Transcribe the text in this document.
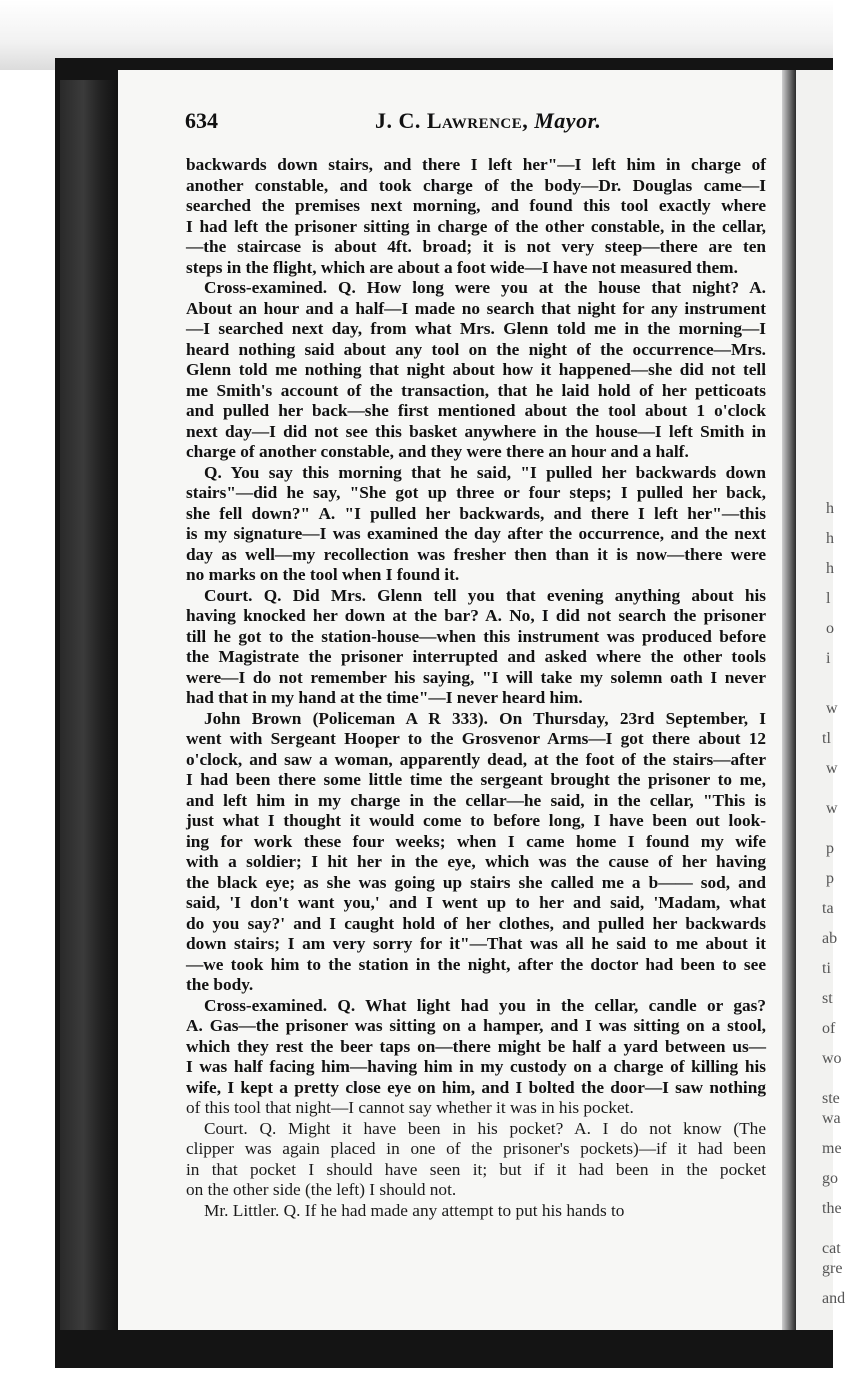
h
h
h
l
o
i
w
tl
w
w
p
p
ta
ab
ti
st
of
wo
ste
wa
me
go
the
cat
gre
and
634	J. C. Lawrence, Mayor.
backwards down stairs, and there I left her"—I left him in charge of
another constable, and took charge of the body—Dr. Douglas came—I
searched the premises next morning, and found this tool exactly where
I had left the prisoner sitting in charge of the other constable, in the cellar,
—the staircase is about 4ft. broad; it is not very steep—there are ten
steps in the flight, which are about a foot wide—I have not measured them.
Cross-examined. Q. How long were you at the house that night? A.
About an hour and a half—I made no search that night for any instrument
—I searched next day, from what Mrs. Glenn told me in the morning—I
heard nothing said about any tool on the night of the occurrence—Mrs.
Glenn told me nothing that night about how it happened—she did not tell
me Smith's account of the transaction, that he laid hold of her petticoats
and pulled her back—she first mentioned about the tool about 1 o'clock
next day—I did not see this basket anywhere in the house—I left Smith in
charge of another constable, and they were there an hour and a half.
Q. You say this morning that he said, "I pulled her backwards down
stairs"—did he say, "She got up three or four steps; I pulled her back,
she fell down?" A. "I pulled her backwards, and there I left her"—this
is my signature—I was examined the day after the occurrence, and the next
day as well—my recollection was fresher then than it is now—there were
no marks on the tool when I found it.
Court. Q. Did Mrs. Glenn tell you that evening anything about his
having knocked her down at the bar? A. No, I did not search the prisoner
till he got to the station-house—when this instrument was produced before
the Magistrate the prisoner interrupted and asked where the other tools
were—I do not remember his saying, "I will take my solemn oath I never
had that in my hand at the time"—I never heard him.
John Brown (Policeman A R 333). On Thursday, 23rd September, I
went with Sergeant Hooper to the Grosvenor Arms—I got there about 12
o'clock, and saw a woman, apparently dead, at the foot of the stairs—after
I had been there some little time the sergeant brought the prisoner to me,
and left him in my charge in the cellar—he said, in the cellar, "This is
just what I thought it would come to before long, I have been out look-
ing for work these four weeks; when I came home I found my wife
with a soldier; I hit her in the eye, which was the cause of her having
the black eye; as she was going up stairs she called me a b—— sod, and
said, 'I don't want you,' and I went up to her and said, 'Madam, what
do you say?' and I caught hold of her clothes, and pulled her backwards
down stairs; I am very sorry for it"—That was all he said to me about it
—we took him to the station in the night, after the doctor had been to see
the body.
Cross-examined. Q. What light had you in the cellar, candle or gas?
A. Gas—the prisoner was sitting on a hamper, and I was sitting on a stool,
which they rest the beer taps on—there might be half a yard between us—
I was half facing him—having him in my custody on a charge of killing his
wife, I kept a pretty close eye on him, and I bolted the door—I saw nothing
of this tool that night—I cannot say whether it was in his pocket.
Court. Q. Might it have been in his pocket? A. I do not know (The
clipper was again placed in one of the prisoner's pockets)—if it had been
in that pocket I should have seen it; but if it had been in the pocket
on the other side (the left) I should not.
Mr. Littler. Q. If he had made any attempt to put his hands to
